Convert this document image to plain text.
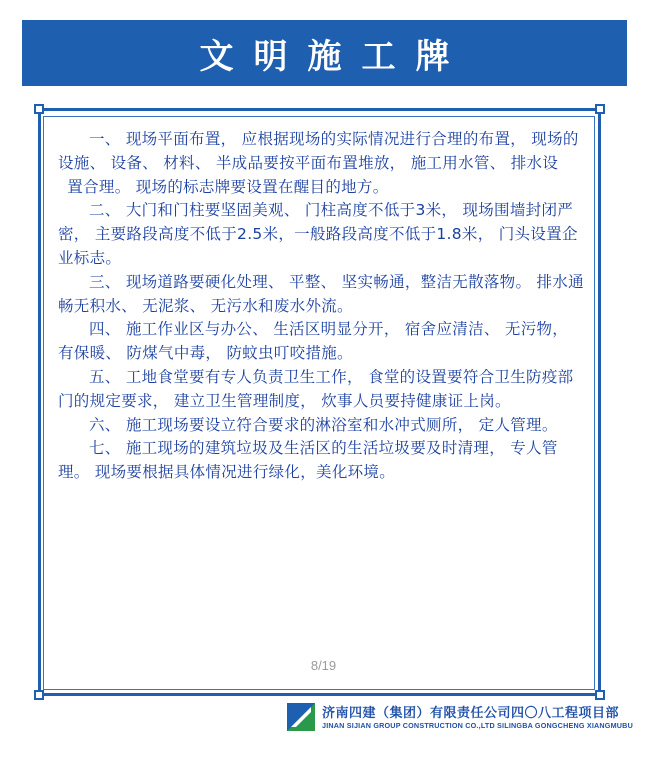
文明施工牌

一、 现场平面布置， 应根据现场的实际情况进行合理的布置， 现场的设施、 设备、 材料、 半成品要按平面布置堆放， 施工用水管、 排水设

置合理。 现场的标志牌要设置在醒目的地方。

二、 大门和门柱要坚固美观、 门柱高度不低于3米， 现场围墙封闭严密， 主要路段高度不低于2.5米，一般路段高度不低于1.8米， 门头设置企业标志。

三、 现场道路要硬化处理、 平整、 坚实畅通，整洁无散落物。 排水通畅无积水、 无泥浆、 无污水和废水外流。

四、 施工作业区与办公、 生活区明显分开， 宿舍应清洁、 无污物， 有保暖、 防煤气中毒， 防蚊虫叮咬措施。

五、 工地食堂要有专人负责卫生工作， 食堂的设置要符合卫生防疫部门的规定要求， 建立卫生管理制度， 炊事人员要持健康证上岗。

六、 施工现场要设立符合要求的淋浴室和水冲式厕所， 定人管理。

七、 施工现场的建筑垃圾及生活区的生活垃圾要及时清理， 专人管理。 现场要根据具体情况进行绿化，美化环境。

8/19
济南四建（集团）有限责任公司四〇八工程项目部
JINAN SIJIAN GROUP CONSTRUCTION CO.,LTD SILINGBA GONGCHENG XIANGMUBU
